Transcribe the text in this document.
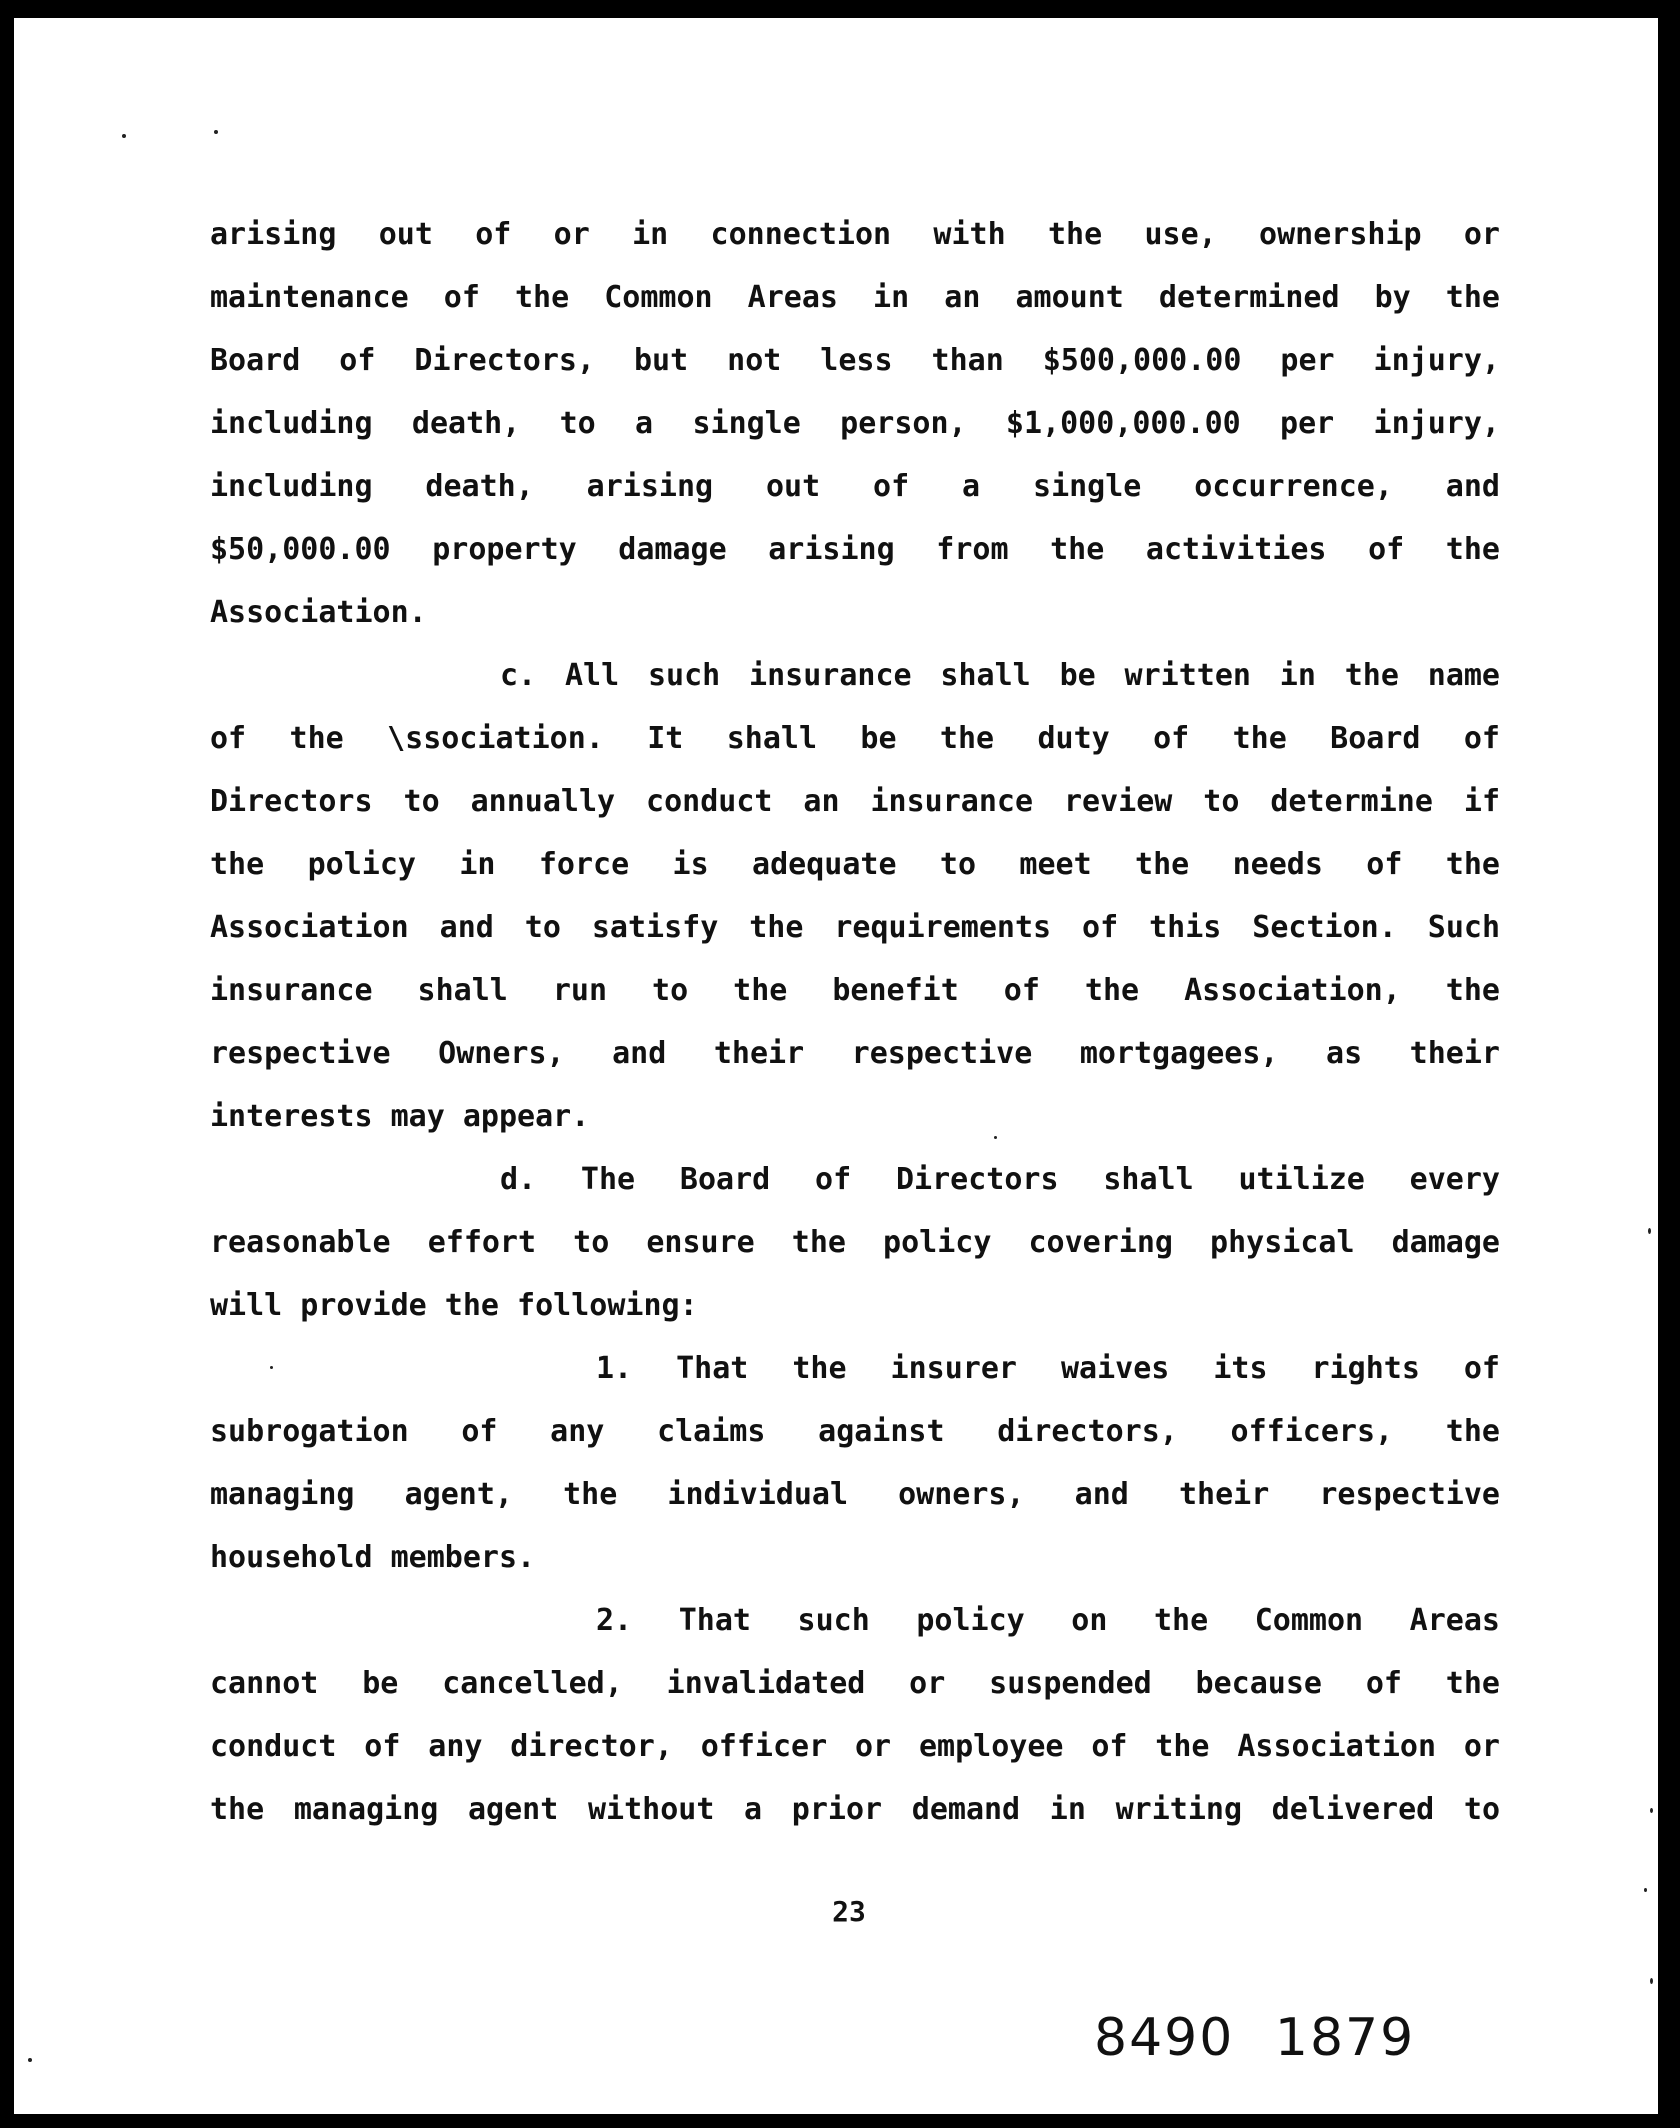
arising out of or in connection with the use, ownership or

maintenance of the Common Areas in an amount determined by the

Board of Directors, but not less than $500,000.00 per injury,

including death, to a single person, $1,000,000.00 per injury,

including death, arising out of a single occurrence, and

$50,000.00 property damage arising from the activities of the

Association.

c. All such insurance shall be written in the name

of the \ssociation. It shall be the duty of the Board of

Directors to annually conduct an insurance review to determine if

the policy in force is adequate to meet the needs of the

Association and to satisfy the requirements of this Section. Such

insurance shall run to the benefit of the Association, the

respective Owners, and their respective mortgagees, as their

interests may appear.

d. The Board of Directors shall utilize every

reasonable effort to ensure the policy covering physical damage

will provide the following:

1. That the insurer waives its rights of

subrogation of any claims against directors, officers, the

managing agent, the individual owners, and their respective

household members.

2. That such policy on the Common Areas

cannot be cancelled, invalidated or suspended because of the

conduct of any director, officer or employee of the Association or

the managing agent without a prior demand in writing delivered to

23
8490 1879
